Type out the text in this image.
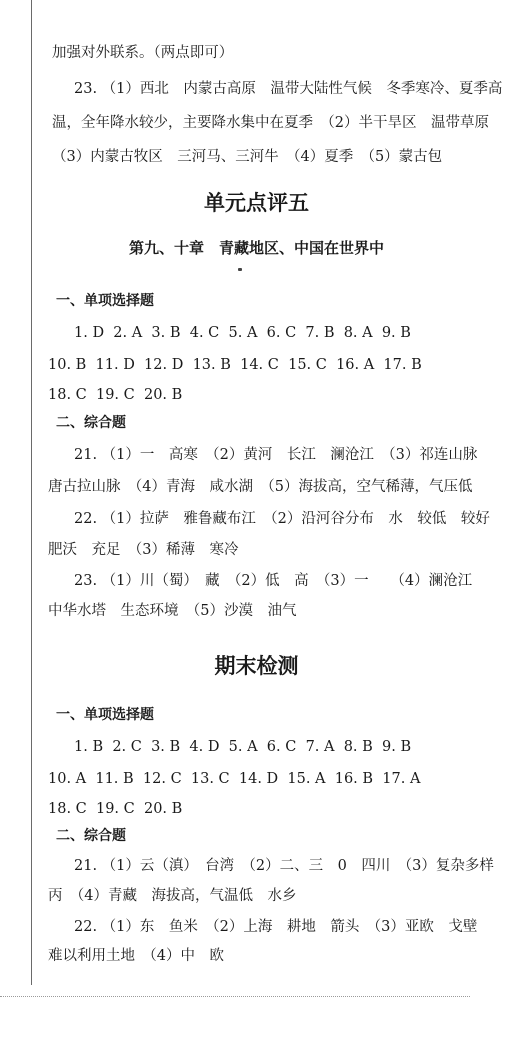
加强对外联系。（两点即可）
23. （1）西北　内蒙古高原　温带大陆性气候　冬季寒冷、夏季高
温，全年降水较少，主要降水集中在夏季　（2）半干旱区　温带草原
（3）内蒙古牧区　三河马、三河牛　（4）夏季　（5）蒙古包
单元点评五
第九、十章　青藏地区、中国在世界中
一、单项选择题
1. D  2. A  3. B  4. C  5. A  6. C  7. B  8. A  9. B
10. B  11. D  12. D  13. B  14. C  15. C  16. A  17. B
18. C  19. C  20. B
二、综合题
21. （1）一　高寒　（2）黄河　长江　澜沧江　（3）祁连山脉
唐古拉山脉　（4）青海　咸水湖　（5）海拔高，空气稀薄，气压低
22. （1）拉萨　雅鲁藏布江　（2）沿河谷分布　水　较低　较好
肥沃　充足　（3）稀薄　寒冷
23. （1）川（蜀）　藏　（2）低　高　（3）一　　（4）澜沧江
中华水塔　生态环境　（5）沙漠　油气
期末检测
一、单项选择题
1. B  2. C  3. B  4. D  5. A  6. C  7. A  8. B  9. B
10. A  11. B  12. C  13. C  14. D  15. A  16. B  17. A
18. C  19. C  20. B
二、综合题
21. （1）云（滇）　台湾　（2）二、三　0　四川　（3）复杂多样
丙　（4）青藏　海拔高，气温低　水乡
22. （1）东　鱼米　（2）上海　耕地　箭头　（3）亚欧　戈壁
难以利用土地　（4）中　欧
